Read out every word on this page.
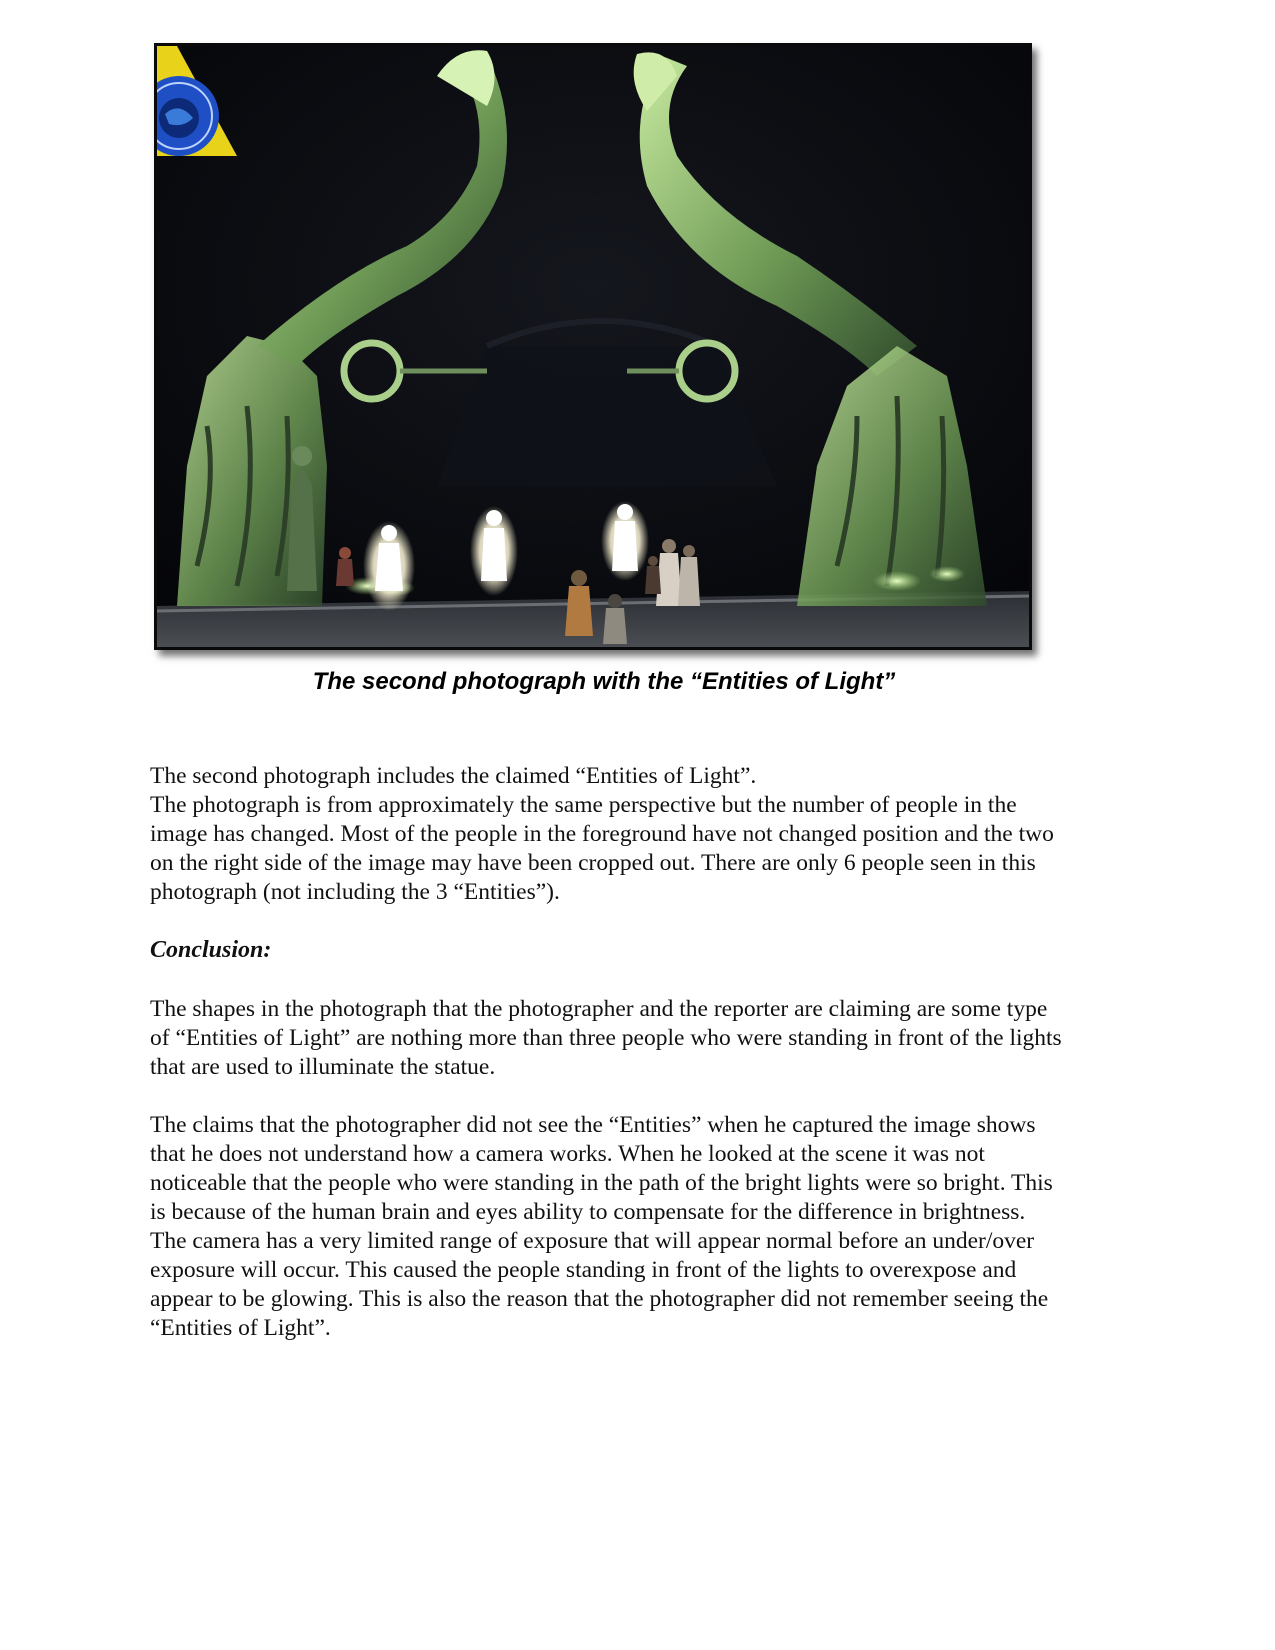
The second photograph with the “Entities of Light”

The second photograph includes the claimed “Entities of Light”.
The photograph is from approximately the same perspective but the number of people in the
image has changed. Most of the people in the foreground have not changed position and the two
on the right side of the image may have been cropped out. There are only 6 people seen in this
photograph (not including the 3 “Entities”).

Conclusion:

The shapes in the photograph that the photographer and the reporter are claiming are some type
of “Entities of Light” are nothing more than three people who were standing in front of the lights
that are used to illuminate the statue.

The claims that the photographer did not see the “Entities” when he captured the image shows
that he does not understand how a camera works. When he looked at the scene it was not
noticeable that the people who were standing in the path of the bright lights were so bright. This
is because of the human brain and eyes ability to compensate for the difference in brightness.
The camera has a very limited range of exposure that will appear normal before an under/over
exposure will occur. This caused the people standing in front of the lights to overexpose and
appear to be glowing. This is also the reason that the photographer did not remember seeing the
“Entities of Light”.
